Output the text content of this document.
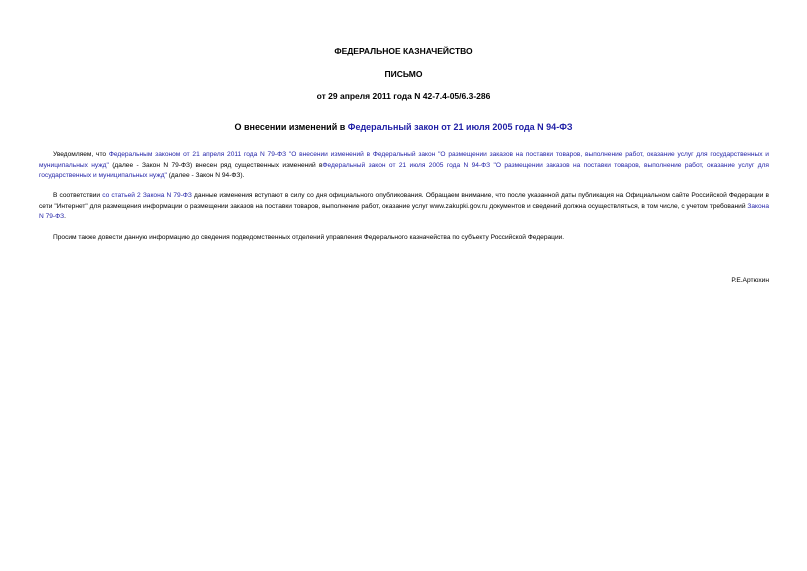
ФЕДЕРАЛЬНОЕ КАЗНАЧЕЙСТВО
ПИСЬМО
от 29 апреля 2011 года N 42-7.4-05/6.3-286
О внесении изменений в Федеральный закон от 21 июля 2005 года N 94-ФЗ
Уведомляем, что Федеральным законом от 21 апреля 2011 года N 79-ФЗ "О внесении изменений в Федеральный закон "О размещении заказов на поставки товаров, выполнение работ, оказание услуг для государственных и муниципальных нужд" (далее - Закон N 79-ФЗ) внесен ряд существенных изменений вФедеральный закон от 21 июля 2005 года N 94-ФЗ "О размещении заказов на поставки товаров, выполнение работ, оказание услуг для государственных и муниципальных нужд" (далее - Закон N 94-ФЗ).
В соответствии со статьей 2 Закона N 79-ФЗ данные изменения вступают в силу со дня официального опубликования. Обращаем внимание, что после указанной даты публикация на Официальном сайте Российской Федерации в сети "Интернет" для размещения информации о размещении заказов на поставки товаров, выполнение работ, оказание услуг www.zakupki.gov.ru документов и сведений должна осуществляться, в том числе, с учетом требований Закона N 79-ФЗ.
Просим также довести данную информацию до сведения подведомственных отделений управления Федерального казначейства по субъекту Российской Федерации.
Р.Е.Артюхин
